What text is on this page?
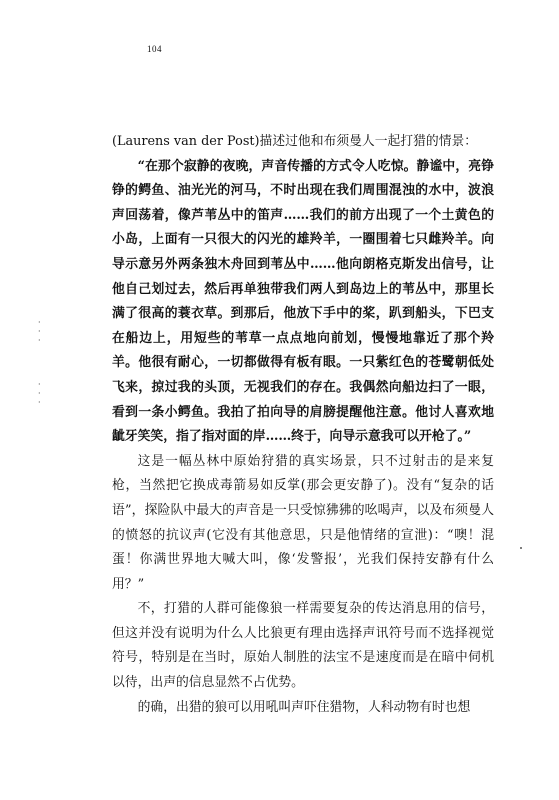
104
·
·
·
·
·
·

(Laurens van der Post)描述过他和布须曼人一起打猎的情景：

“在那个寂静的夜晚，声音传播的方式令人吃惊。静谧中，亮铮铮的鳄鱼、油光光的河马，不时出现在我们周围混浊的水中，波浪声回荡着，像芦苇丛中的笛声……我们的前方出现了一个土黄色的小岛，上面有一只很大的闪光的雄羚羊，一圈围着七只雌羚羊。向导示意另外两条独木舟回到苇丛中……他向朗格克斯发出信号，让他自己划过去，然后再单独带我们两人到岛边上的苇丛中，那里长满了很高的蓑衣草。到那后，他放下手中的桨，趴到船头，下巴支在船边上，用短些的苇草一点点地向前划，慢慢地靠近了那个羚羊。他很有耐心，一切都做得有板有眼。一只紫红色的苍鹭朝低处飞来，掠过我的头顶，无视我们的存在。我偶然向船边扫了一眼，看到一条小鳄鱼。我拍了拍向导的肩膀提醒他注意。他讨人喜欢地龇牙笑笑，指了指对面的岸……终于，向导示意我可以开枪了。”

这是一幅丛林中原始狩猎的真实场景，只不过射击的是来复枪，当然把它换成毒箭易如反掌(那会更安静了)。没有“复杂的话语”，探险队中最大的声音是一只受惊狒狒的吆喝声，以及布须曼人的愤怒的抗议声(它没有其他意思，只是他情绪的宣泄)：“噢！混蛋！你满世界地大喊大叫，像‘发警报’，光我们保持安静有什么用？”

不，打猎的人群可能像狼一样需要复杂的传达消息用的信号，但这并没有说明为什么人比狼更有理由选择声讯符号而不选择视觉符号，特别是在当时，原始人制胜的法宝不是速度而是在暗中伺机以待，出声的信息显然不占优势。

的确，出猎的狼可以用吼叫声吓住猎物，人科动物有时也想
